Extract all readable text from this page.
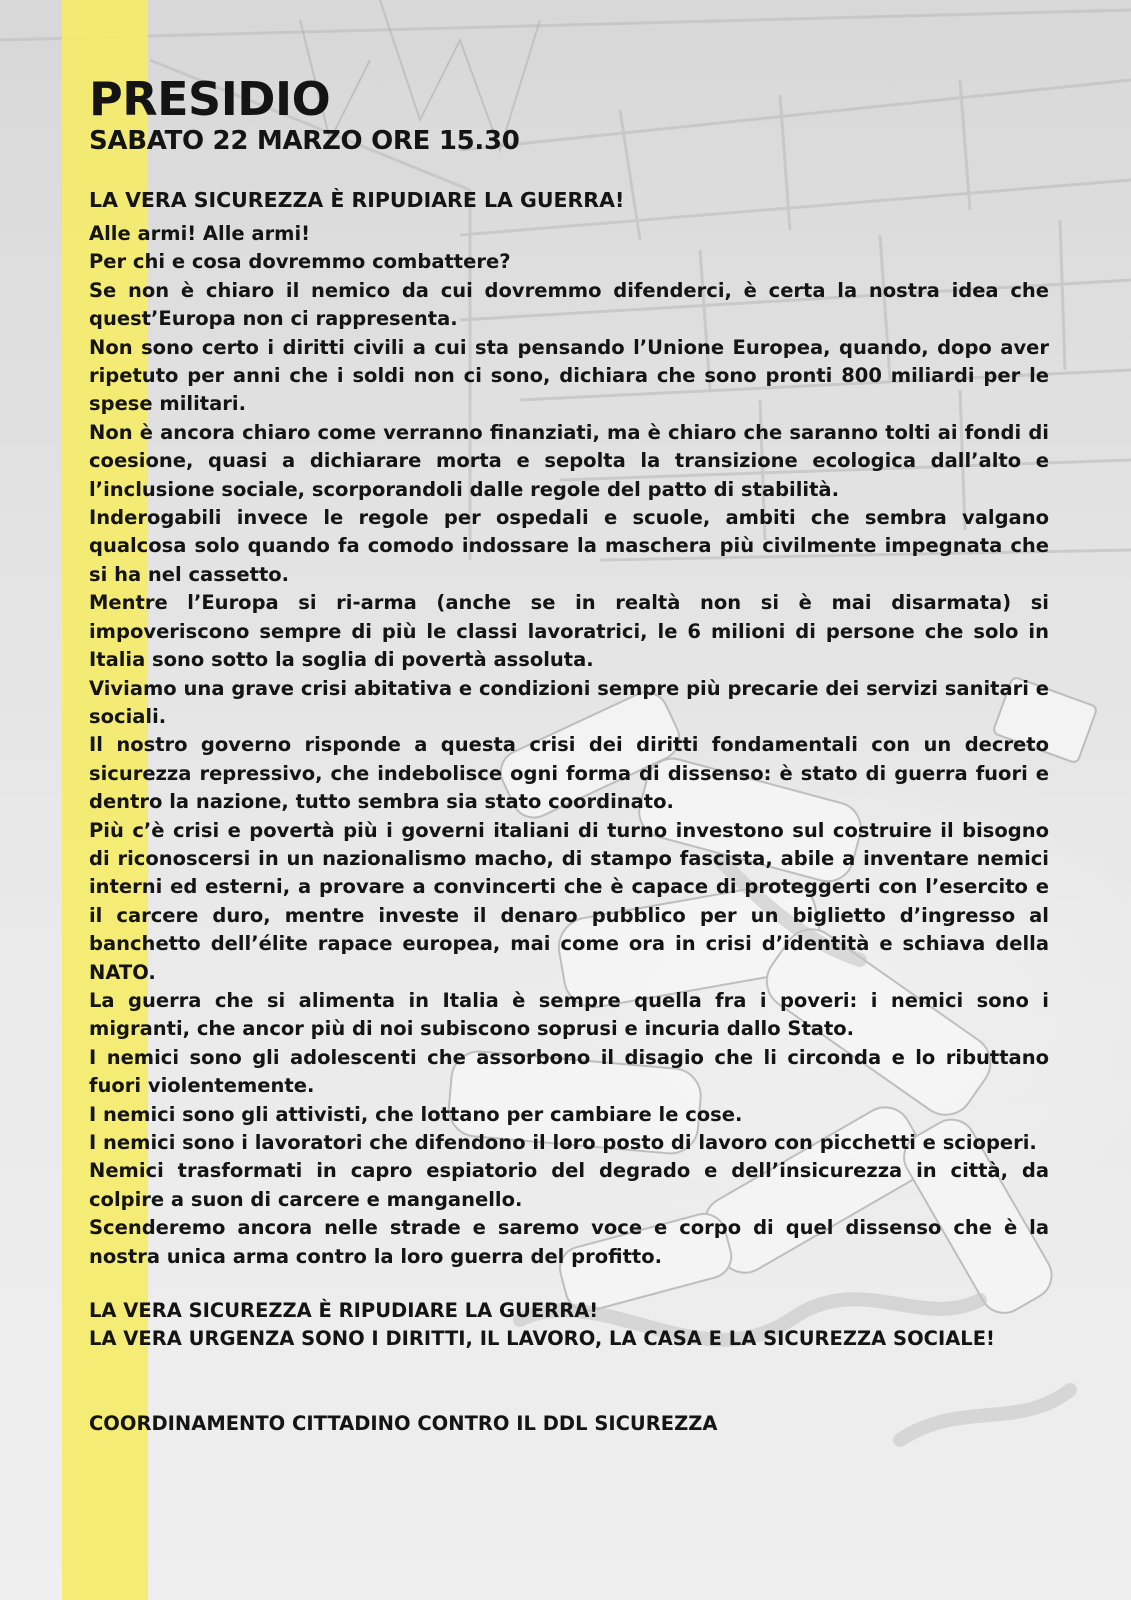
PRESIDIO
SABATO 22 MARZO ORE 15.30
LA VERA SICUREZZA È RIPUDIARE LA GUERRA!

Alle armi! Alle armi!

Per chi e cosa dovremmo combattere?

Se non è chiaro il nemico da cui dovremmo difenderci, è certa la nostra idea che quest’Europa non ci rappresenta.

Non sono certo i diritti civili a cui sta pensando l’Unione Europea, quando, dopo aver ripetuto per anni che i soldi non ci sono, dichiara che sono pronti 800 miliardi per le spese militari.

Non è ancora chiaro come verranno finanziati, ma è chiaro che saranno tolti ai fondi di coesione, quasi a dichiarare morta e sepolta la transizione ecologica dall’alto e l’inclusione sociale, scorporandoli dalle regole del patto di stabilità.

Inderogabili invece le regole per ospedali e scuole, ambiti che sembra valgano qualcosa solo quando fa comodo indossare la maschera più civilmente impegnata che si ha nel cassetto.

Mentre l’Europa si ri-arma (anche se in realtà non si è mai disarmata) si impoveriscono sempre di più le classi lavoratrici, le 6 milioni di persone che solo in Italia sono sotto la soglia di povertà assoluta.

Viviamo una grave crisi abitativa e condizioni sempre più precarie dei servizi sanitari e sociali.

Il nostro governo risponde a questa crisi dei diritti fondamentali con un decreto sicurezza repressivo, che indebolisce ogni forma di dissenso: è stato di guerra fuori e dentro la nazione, tutto sembra sia stato coordinato.

Più c’è crisi e povertà più i governi italiani di turno investono sul costruire il bisogno di riconoscersi in un nazionalismo macho, di stampo fascista, abile a inventare nemici interni ed esterni, a provare a convincerti che è capace di proteggerti con l’esercito e il carcere duro, mentre investe il denaro pubblico per un biglietto d’ingresso al banchetto dell’élite rapace europea, mai come ora in crisi d’identità e schiava della NATO.

La guerra che si alimenta in Italia è sempre quella fra i poveri: i nemici sono i migranti, che ancor più di noi subiscono soprusi e incuria dallo Stato.

I nemici sono gli adolescenti che assorbono il disagio che li circonda e lo ributtano fuori violentemente.

I nemici sono gli attivisti, che lottano per cambiare le cose.

I nemici sono i lavoratori che difendono il loro posto di lavoro con picchetti e scioperi.

Nemici trasformati in capro espiatorio del degrado e dell’insicurezza in città, da colpire a suon di carcere e manganello.

Scenderemo ancora nelle strade e saremo voce e corpo di quel dissenso che è la nostra unica arma contro la loro guerra del profitto.

LA VERA SICUREZZA È RIPUDIARE LA GUERRA!

LA VERA URGENZA SONO I DIRITTI, IL LAVORO, LA CASA E LA SICUREZZA SOCIALE!

COORDINAMENTO CITTADINO CONTRO IL DDL SICUREZZA
